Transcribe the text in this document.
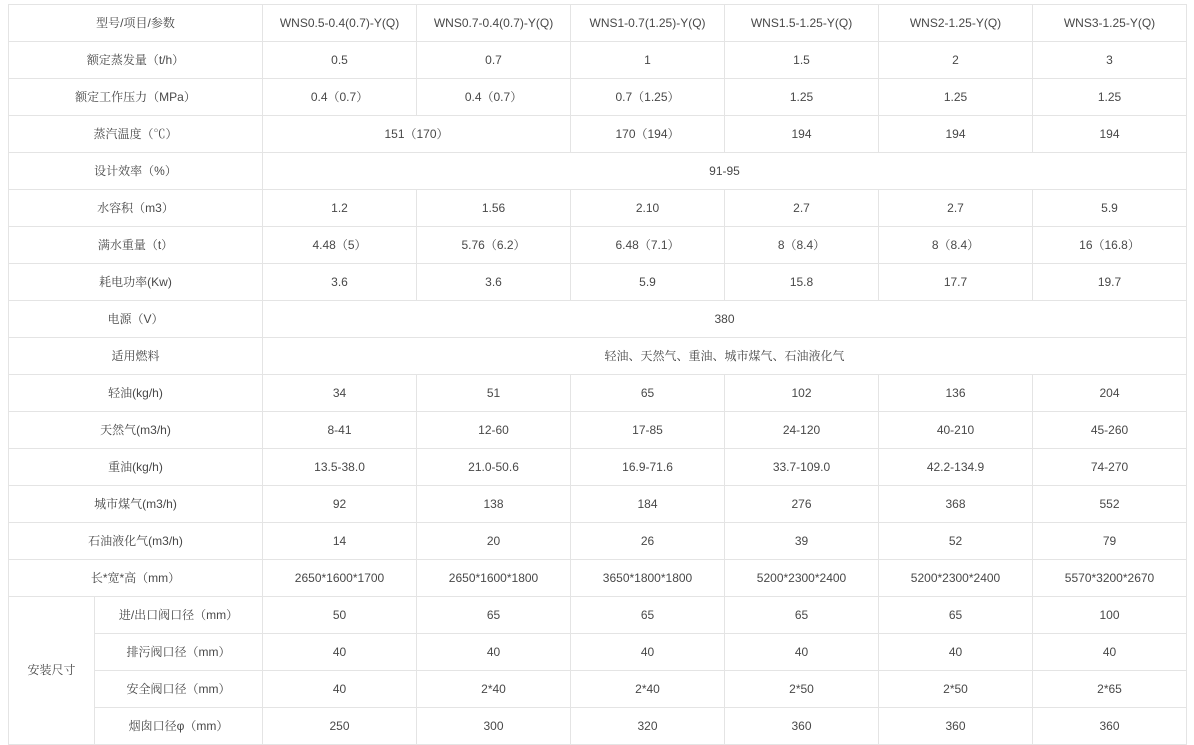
型号/项目/参数		WNS0.5-0.4(0.7)-Y(Q)	WNS0.7-0.4(0.7)-Y(Q)	WNS1-0.7(1.25)-Y(Q)	WNS1.5-1.25-Y(Q)	WNS2-1.25-Y(Q)	WNS3-1.25-Y(Q)
额定蒸发量（t/h）		0.5	0.7	1	1.5	2	3
额定工作压力（MPa）		0.4（0.7）	0.4（0.7）	0.7（1.25）	1.25	1.25	1.25
蒸汽温度（℃）		151（170）		170（194）	194	194	194
设计效率（%）		91-95					
水容积（m3）		1.2	1.56	2.10	2.7	2.7	5.9
满水重量（t）		4.48（5）	5.76（6.2）	6.48（7.1）	8（8.4）	8（8.4）	16（16.8）
耗电功率(Kw)		3.6	3.6	5.9	15.8	17.7	19.7
电源（V）		380					
适用燃料		轻油、天然气、重油、城市煤气、石油液化气					
轻油(kg/h)		34	51	65	102	136	204
天然气(m3/h)		8-41	12-60	17-85	24-120	40-210	45-260
重油(kg/h)		13.5-38.0	21.0-50.6	16.9-71.6	33.7-109.0	42.2-134.9	74-270
城市煤气(m3/h)		92	138	184	276	368	552
石油液化气(m3/h)		14	20	26	39	52	79
长*宽*高（mm）		2650*1600*1700	2650*1600*1800	3650*1800*1800	5200*2300*2400	5200*2300*2400	5570*3200*2670
安装尺寸	进/出口阀口径（mm）	50	65	65	65	65	100
	排污阀口径（mm）	40	40	40	40	40	40
	安全阀口径（mm）	40	2*40	2*40	2*50	2*50	2*65
	烟囱口径φ（mm）	250	300	320	360	360	360
